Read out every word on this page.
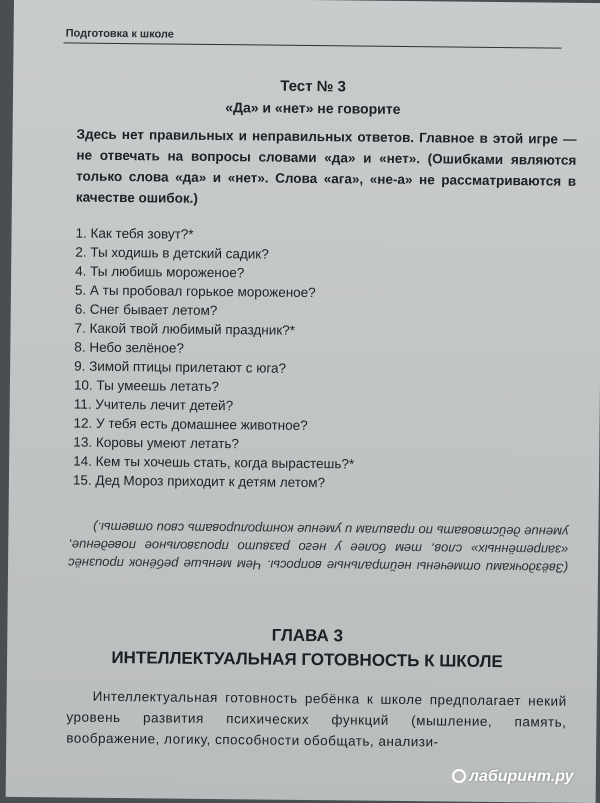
Подготовка к школе
Тест № 3
«Да» и «нет» не говорите

Здесь нет правильных и неправильных ответов. Главное в этой игре — не отвечать на вопросы словами «да» и «нет». (Ошибками являются только слова «да» и «нет». Слова «ага», «не-а» не рассматриваются в качестве ошибок.)

1. Как тебя зовут?*
2. Ты ходишь в детский садик?
4. Ты любишь мороженое?
5. А ты пробовал горькое мороженое?
6. Снег бывает летом?
7. Какой твой любимый праздник?*
8. Небо зелёное?
9. Зимой птицы прилетают с юга?
10. Ты умеешь летать?
11. Учитель лечит детей?
12. У тебя есть домашнее животное?
13. Коровы умеют летать?
14. Кем ты хочешь стать, когда вырастешь?*
15. Дед Мороз приходит к детям летом?
(Звёздочками отмечены нейтральные вопросы. Чем меньше ребёнок произнёс «запретённых» слов, тем более у него развито произвольное поведение, умение действовать по правилам и умение контролировать свои ответы.)
ГЛАВА 3
ИНТЕЛЛЕКТУАЛЬНАЯ ГОТОВНОСТЬ К ШКОЛЕ
Интеллектуальная готовность ребёнка к школе предполагает некий уровень развития психических функций (мышление, память, воображение, логику, способности обобщать, анализи-
лабиринт.ру
